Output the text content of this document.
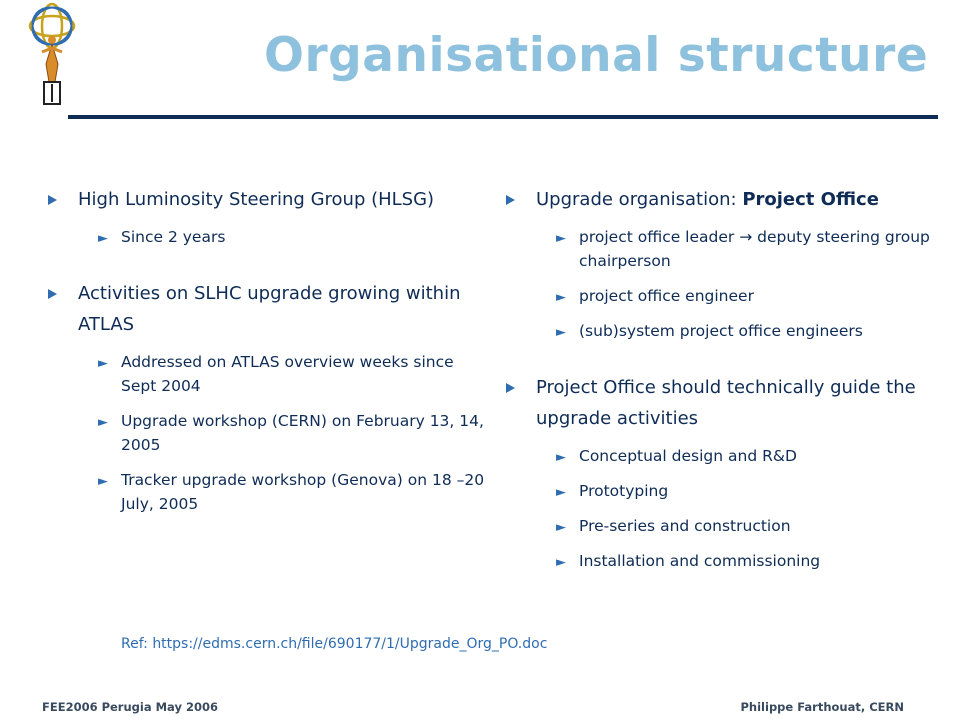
Organisational structure
High Luminosity Steering Group (HLSG)
► Since 2 years
Activities on SLHC upgrade growing within ATLAS
► Addressed on ATLAS overview weeks since Sept 2004
► Upgrade workshop (CERN) on February 13, 14, 2005
► Tracker upgrade workshop (Genova) on 18 –20 July, 2005
Upgrade organisation: Project Office
► project office leader → deputy steering group chairperson
► project office engineer
► (sub)system project office engineers
Project Office should technically guide the upgrade activities
► Conceptual design and R&D
► Prototyping
► Pre-series and construction
► Installation and commissioning
Ref: https://edms.cern.ch/file/690177/1/Upgrade_Org_PO.doc
FEE2006 Perugia May 2006	Philippe Farthouat, CERN
